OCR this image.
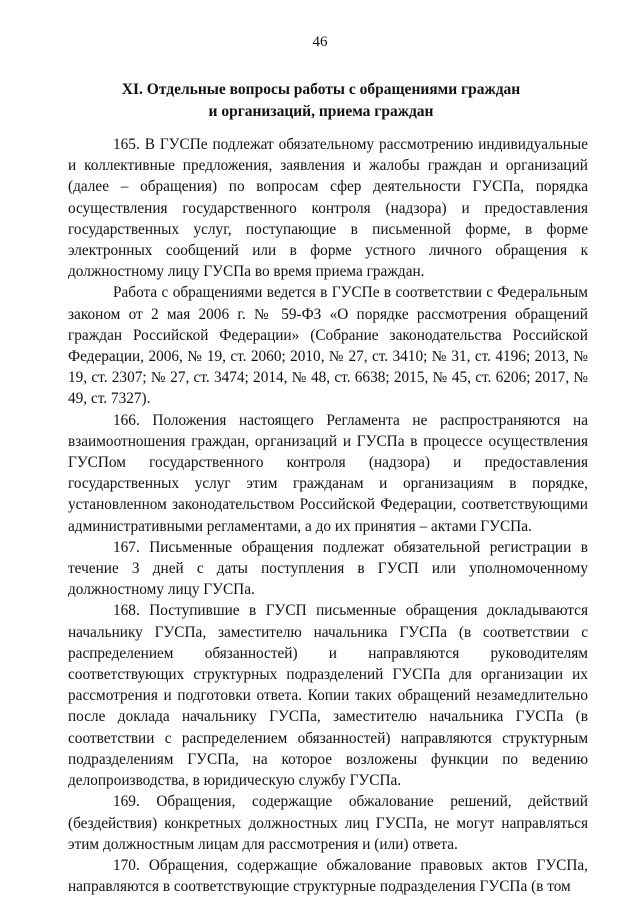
46
XI. Отдельные вопросы работы с обращениями граждан
и организаций, приема граждан

165. В ГУСПе подлежат обязательному рассмотрению индивидуальные и коллективные предложения, заявления и жалобы граждан и организаций (далее – обращения) по вопросам сфер деятельности ГУСПа, порядка осуществления государственного контроля (надзора) и предоставления государственных услуг, поступающие в письменной форме, в форме электронных сообщений или в форме устного личного обращения к должностному лицу ГУСПа во время приема граждан.

Работа с обращениями ведется в ГУСПе в соответствии с Федеральным законом от 2 мая 2006 г. № 59-ФЗ «О порядке рассмотрения обращений граждан Российской Федерации» (Собрание законодательства Российской Федерации, 2006, № 19, ст. 2060; 2010, № 27, ст. 3410; № 31, ст. 4196; 2013, № 19, ст. 2307; № 27, ст. 3474; 2014, № 48, ст. 6638; 2015, № 45, ст. 6206; 2017, № 49, ст. 7327).

166. Положения настоящего Регламента не распространяются на взаимоотношения граждан, организаций и ГУСПа в процессе осуществления ГУСПом государственного контроля (надзора) и предоставления государственных услуг этим гражданам и организациям в порядке, установленном законодательством Российской Федерации, соответствующими административными регламентами, а до их принятия – актами ГУСПа.

167. Письменные обращения подлежат обязательной регистрации в течение 3 дней с даты поступления в ГУСП или уполномоченному должностному лицу ГУСПа.

168. Поступившие в ГУСП письменные обращения докладываются начальнику ГУСПа, заместителю начальника ГУСПа (в соответствии с распределением обязанностей) и направляются руководителям соответствующих структурных подразделений ГУСПа для организации их рассмотрения и подготовки ответа. Копии таких обращений незамедлительно после доклада начальнику ГУСПа, заместителю начальника ГУСПа (в соответствии с распределением обязанностей) направляются структурным подразделениям ГУСПа, на которое возложены функции по ведению делопроизводства, в юридическую службу ГУСПа.

169. Обращения, содержащие обжалование решений, действий (бездействия) конкретных должностных лиц ГУСПа, не могут направляться этим должностным лицам для рассмотрения и (или) ответа.

170. Обращения, содержащие обжалование правовых актов ГУСПа, направляются в соответствующие структурные подразделения ГУСПа (в том
